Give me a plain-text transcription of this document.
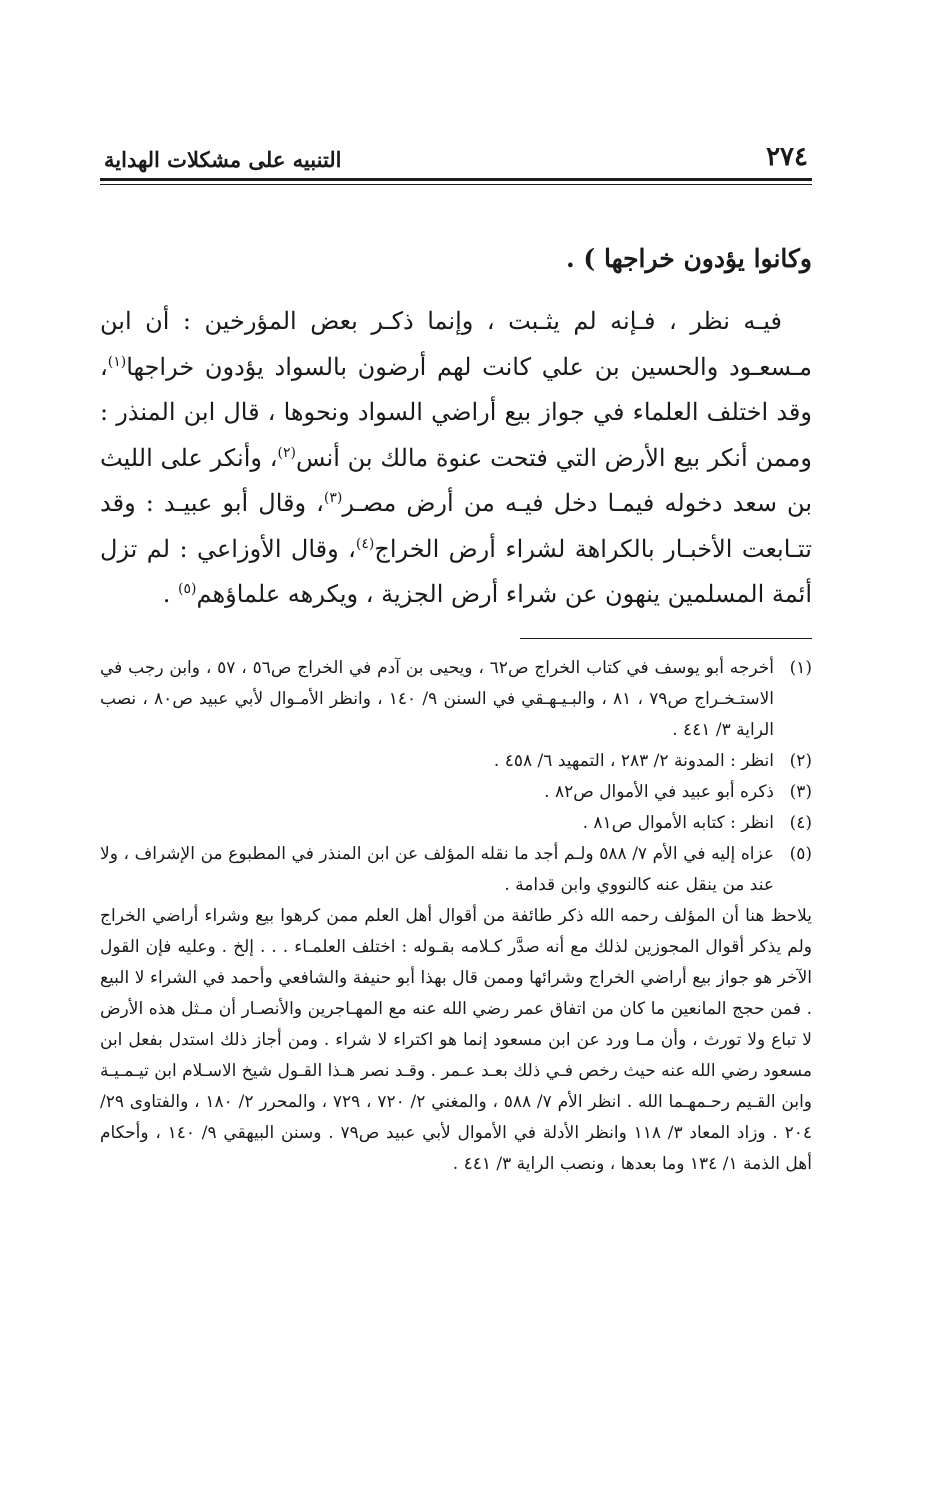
٢٧٤
التنبيه على مشكلات الهداية
وكانوا يؤدون خراجها ) .
فيـه نظر ، فـإنه لم يثـبت ، وإنما ذكـر بعض المؤرخين : أن ابن مـسعـود والحسين بن علي كانت لهم أرضون بالسواد يؤدون خراجها$^{(١)}$، وقد اختلف العلماء في جواز بيع أراضي السواد ونحوها ، قال ابن المنذر : وممن أنكر بيع الأرض التي فتحت عنوة مالك بن أنس$^{(٢)}$، وأنكر على الليث بن سعد دخوله فيمـا دخل فيـه من أرض مصـر$^{(٣)}$، وقال أبو عبيـد : وقد تتـابعت الأخبـار بالكراهة لشراء أرض الخراج$^{(٤)}$، وقال الأوزاعي : لم تزل أئمة المسلمين ينهون عن شراء أرض الجزية ، ويكرهه علماؤهم$^{(٥)}$ .
(١)
أخرجه أبو يوسف في كتاب الخراج ص٦٢ ، ويحيى بن آدم في الخراج ص٥٦ ، ٥٧ ، وابن رجب في الاستـخـراج ص٧٩ ، ٨١ ، والبـيـهـقي في السنن ٩/ ١٤٠ ، وانظر الأمـوال لأبي عبيد ص٨٠ ، نصب الراية ٣/ ٤٤١ .
(٢)
انظر : المدونة ٢/ ٢٨٣ ، التمهيد ٦/ ٤٥٨ .
(٣)
ذكره أبو عبيد في الأموال ص٨٢ .
(٤)
انظر : كتابه الأموال ص٨١ .
(٥)
عزاه إليه في الأم ٧/ ٥٨٨ ولـم أجد ما نقله المؤلف عن ابن المنذر في المطبوع من الإشراف ، ولا عند من ينقل عنه كالنووي وابن قدامة .
يلاحظ هنا أن المؤلف رحمه الله ذكر طائفة من أقوال أهل العلم ممن كرهوا بيع وشراء أراضي الخراج ولم يذكر أقوال المجوزين لذلك مع أنه صدَّر كـلامه بقـوله : اختلف العلمـاء . . . إلخ . وعليه فإن القول الآخر هو جواز بيع أراضي الخراج وشرائها وممن قال بهذا أبو حنيفة والشافعي وأحمد في الشراء لا البيع . فمن حجج المانعين ما كان من اتفاق عمر رضي الله عنه مع المهـاجرين والأنصـار أن مـثل هذه الأرض لا تباع ولا تورث ، وأن مـا ورد عن ابن مسعود إنما هو اكتراء لا شراء . ومن أجاز ذلك استدل بفعل ابن مسعود رضي الله عنه حيث رخص فـي ذلك بعـد عـمر . وقـد نصر هـذا القـول شيخ الاسـلام ابن تيـمـيـة وابن القـيم رحـمهـما الله . انظر الأم ٧/ ٥٨٨ ، والمغني ٢/ ٧٢٠ ، ٧٢٩ ، والمحرر ٢/ ١٨٠ ، والفتاوى ٢٩/ ٢٠٤ . وزاد المعاد ٣/ ١١٨ وانظر الأدلة في الأموال لأبي عبيد ص٧٩ . وسنن البيهقي ٩/ ١٤٠ ، وأحكام أهل الذمة ١/ ١٣٤ وما بعدها ، ونصب الراية ٣/ ٤٤١ .
